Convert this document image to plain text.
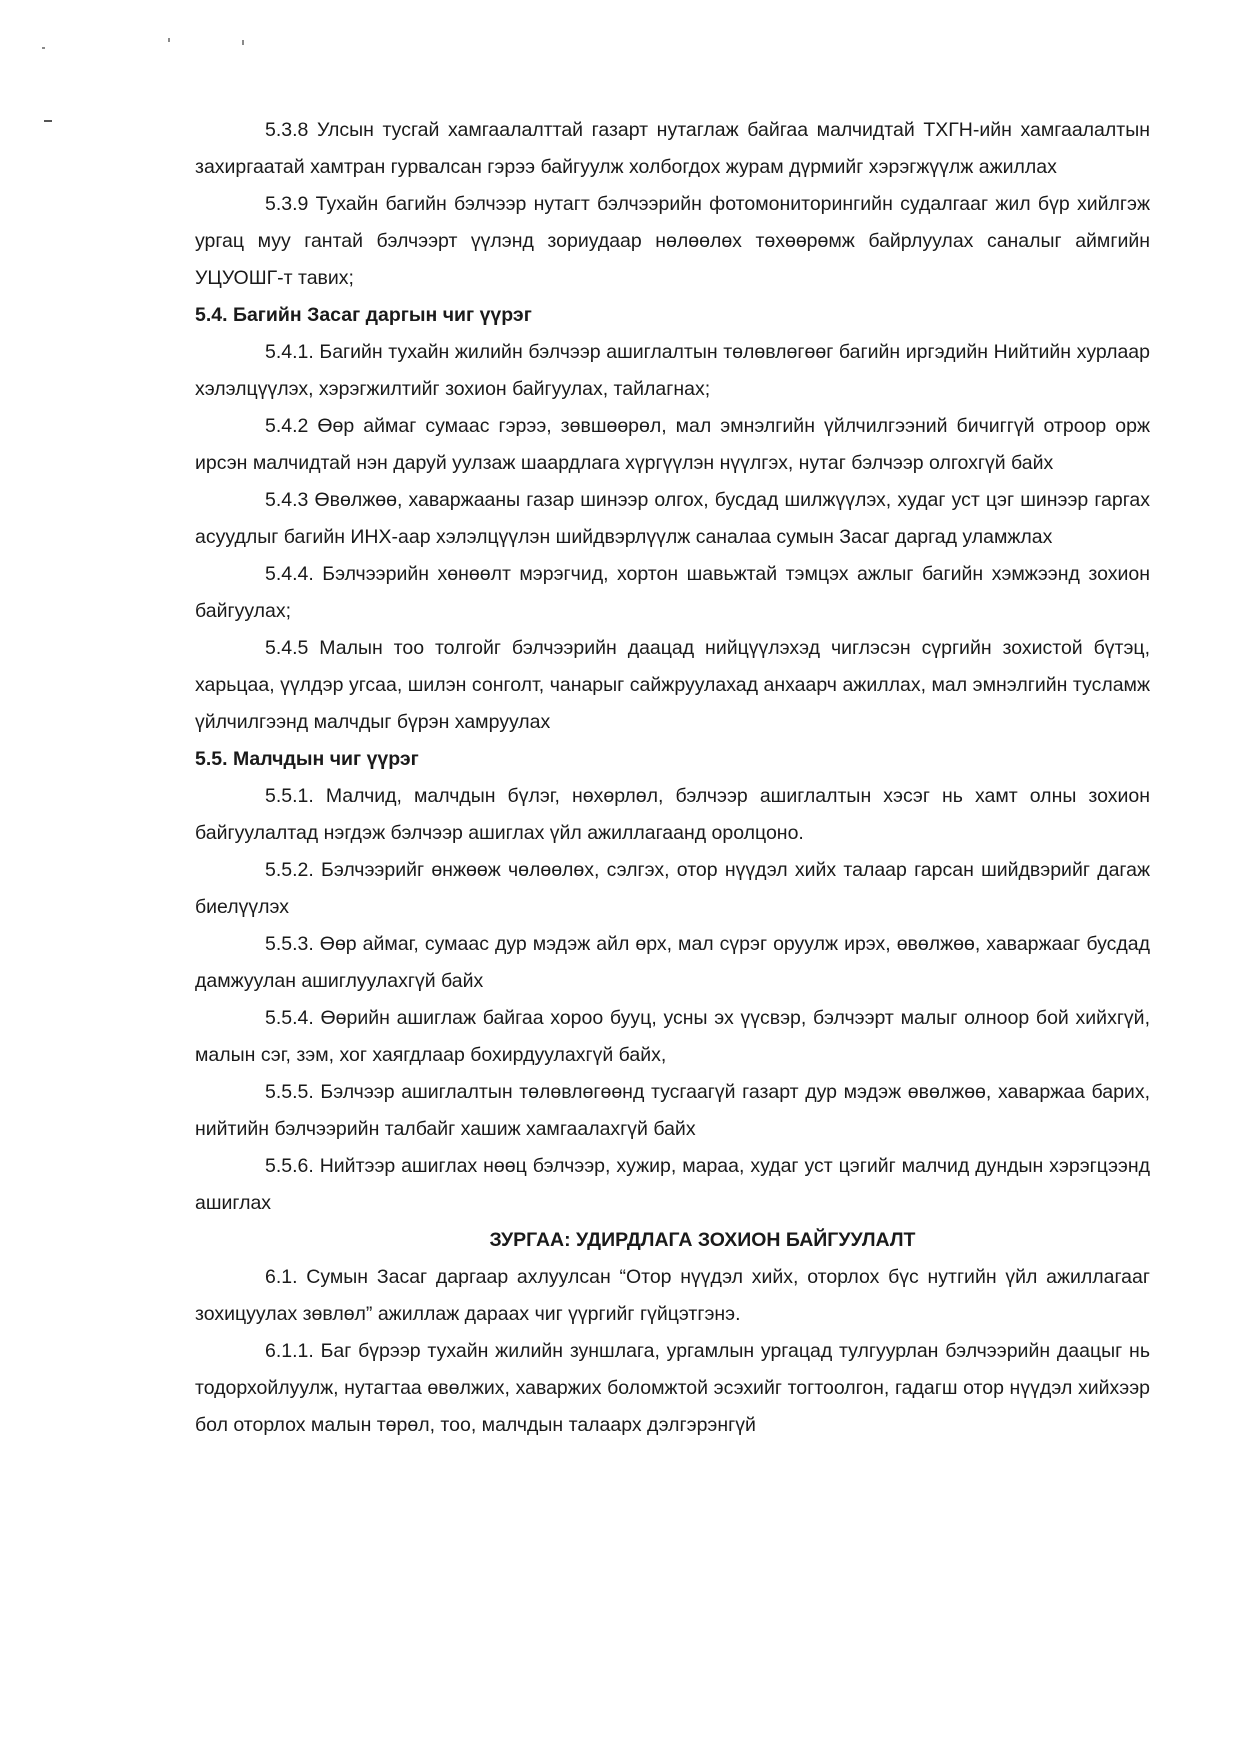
5.3.8 Улсын тусгай хамгаалалттай газарт нутаглаж байгаа малчидтай ТХГН-ийн хамгаалалтын захиргаатай хамтран гурвалсан гэрээ байгуулж холбогдох журам дүрмийг хэрэгжүүлж ажиллах

5.3.9 Тухайн багийн бэлчээр нутагт бэлчээрийн фотомониторингийн судалгааг жил бүр хийлгэж ургац муу гантай бэлчээрт үүлэнд зориудаар нөлөөлөх төхөөрөмж байрлуулах саналыг аймгийн УЦУОШГ-т тавих;

5.4. Багийн Засаг даргын чиг үүрэг

5.4.1. Багийн тухайн жилийн бэлчээр ашиглалтын төлөвлөгөөг багийн иргэдийн Нийтийн хурлаар хэлэлцүүлэх, хэрэгжилтийг зохион байгуулах, тайлагнах;

5.4.2 Өөр аймаг сумаас гэрээ, зөвшөөрөл, мал эмнэлгийн үйлчилгээний бичиггүй отроор орж ирсэн малчидтай нэн даруй уулзаж шаардлага хүргүүлэн нүүлгэх, нутаг бэлчээр олгохгүй байх

5.4.3 Өвөлжөө, хаваржааны газар шинээр олгох, бусдад шилжүүлэх, худаг уст цэг шинээр гаргах асуудлыг багийн ИНХ-аар хэлэлцүүлэн шийдвэрлүүлж саналаа сумын Засаг даргад уламжлах

5.4.4. Бэлчээрийн хөнөөлт мэрэгчид, хортон шавьжтай тэмцэх ажлыг багийн хэмжээнд зохион байгуулах;

5.4.5 Малын тоо толгойг бэлчээрийн даацад нийцүүлэхэд чиглэсэн сүргийн зохистой бүтэц, харьцаа, үүлдэр угсаа, шилэн сонголт, чанарыг сайжруулахад анхаарч ажиллах, мал эмнэлгийн тусламж үйлчилгээнд малчдыг бүрэн хамруулах

5.5. Малчдын чиг үүрэг

5.5.1. Малчид, малчдын бүлэг, нөхөрлөл, бэлчээр ашиглалтын хэсэг нь хамт олны зохион байгуулалтад нэгдэж бэлчээр ашиглах үйл ажиллагаанд оролцоно.

5.5.2. Бэлчээрийг өнжөөж чөлөөлөх, сэлгэх, отор нүүдэл хийх талаар гарсан шийдвэрийг дагаж биелүүлэх

5.5.3. Өөр аймаг, сумаас дур мэдэж айл өрх, мал сүрэг оруулж ирэх, өвөлжөө, хаваржааг бусдад дамжуулан ашиглуулахгүй байх

5.5.4. Өөрийн ашиглаж байгаа хороо бууц, усны эх үүсвэр, бэлчээрт малыг олноор бой хийхгүй, малын сэг, зэм, хог хаягдлаар бохирдуулахгүй байх,

5.5.5. Бэлчээр ашиглалтын төлөвлөгөөнд тусгаагүй газарт дур мэдэж өвөлжөө, хаваржаа барих, нийтийн бэлчээрийн талбайг хашиж хамгаалахгүй байх

5.5.6. Нийтээр ашиглах нөөц бэлчээр, хужир, мараа, худаг уст цэгийг малчид дундын хэрэгцээнд ашиглах

ЗУРГАА: УДИРДЛАГА ЗОХИОН БАЙГУУЛАЛТ

6.1. Сумын Засаг даргаар ахлуулсан “Отор нүүдэл хийх, оторлох бүс нутгийн үйл ажиллагааг зохицуулах зөвлөл” ажиллаж дараах чиг үүргийг гүйцэтгэнэ.

6.1.1. Баг бүрээр тухайн жилийн зуншлага, ургамлын ургацад тулгуурлан бэлчээрийн даацыг нь тодорхойлуулж, нутагтаа өвөлжих, хаваржих боломжтой эсэхийг тогтоолгон, гадагш отор нүүдэл хийхээр бол оторлох малын төрөл, тоо, малчдын талаарх дэлгэрэнгүй
